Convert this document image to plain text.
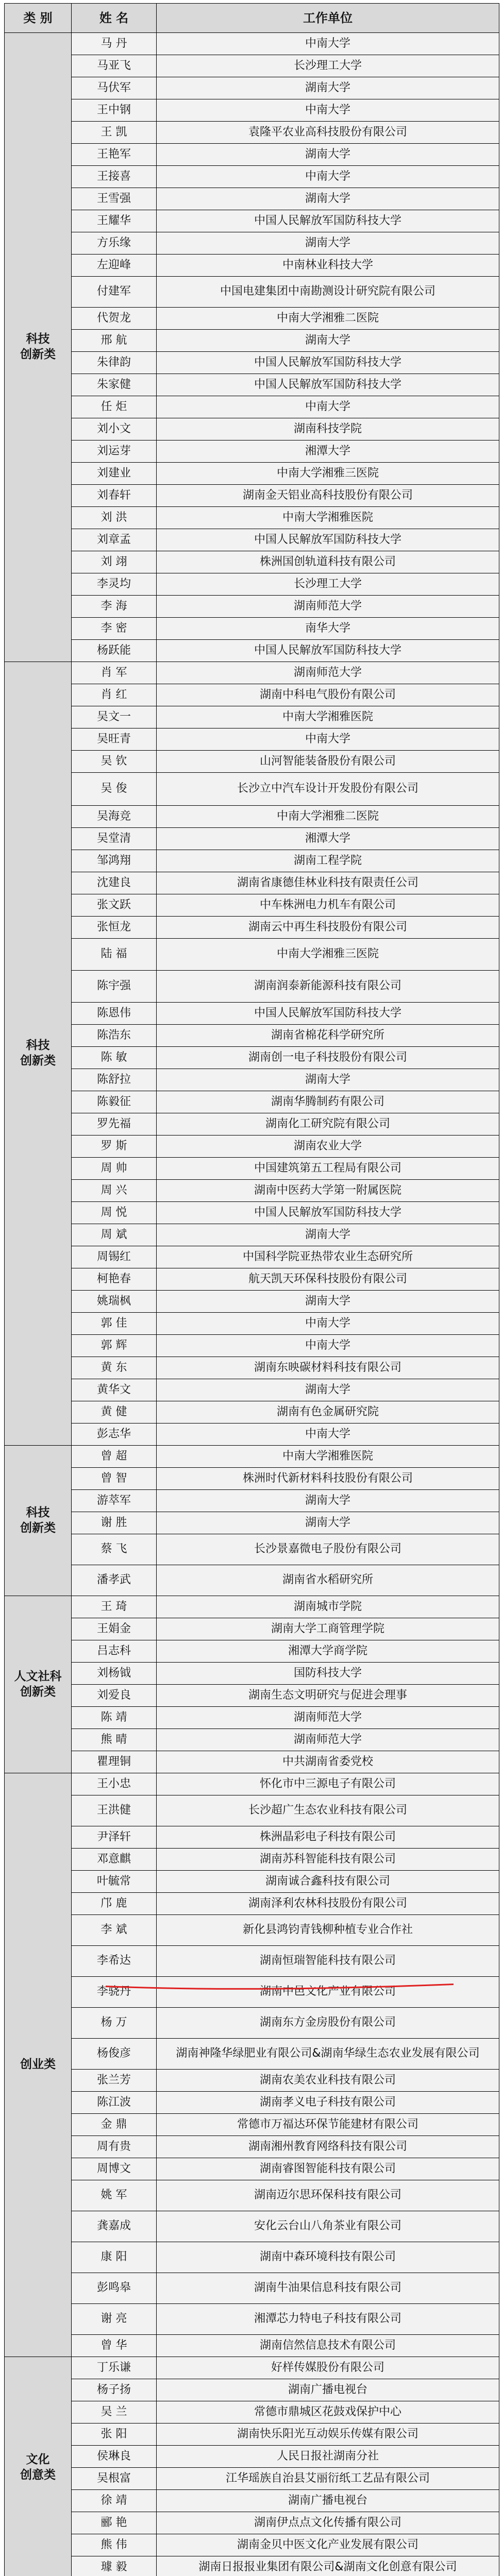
类 别	姓 名	工作单位
科技
创新类	马 丹	中南大学
	马亚飞	长沙理工大学
	马伏军	湖南大学
	王中钢	中南大学
	王 凯	袁隆平农业高科技股份有限公司
	王艳军	湖南大学
	王接喜	中南大学
	王雪强	湖南大学
	王耀华	中国人民解放军国防科技大学
	方乐缘	湖南大学
	左迎峰	中南林业科技大学
	付建军	中国电建集团中南勘测设计研究院有限公司
	代贺龙	中南大学湘雅二医院
	邢 航	湖南大学
	朱律韵	中国人民解放军国防科技大学
	朱家健	中国人民解放军国防科技大学
	任 炬	中南大学
	刘小文	湖南科技学院
	刘运芽	湘潭大学
	刘建业	中南大学湘雅三医院
	刘春轩	湖南金天铝业高科技股份有限公司
	刘 洪	中南大学湘雅医院
	刘章孟	中国人民解放军国防科技大学
	刘 翊	株洲国创轨道科技有限公司
	李灵均	长沙理工大学
	李 海	湖南师范大学
	李 密	南华大学
	杨跃能	中国人民解放军国防科技大学
科技
创新类	肖 军	湖南师范大学
	肖 红	湖南中科电气股份有限公司
	吴文一	中南大学湘雅医院
	吴旺青	中南大学
	吴 钦	山河智能装备股份有限公司
	吴 俊	长沙立中汽车设计开发股份有限公司
	吴海竞	中南大学湘雅二医院
	吴堂清	湘潭大学
	邹鸿翔	湖南工程学院
	沈建良	湖南省康德佳林业科技有限责任公司
	张文跃	中车株洲电力机车有限公司
	张恒龙	湖南云中再生科技股份有限公司
	陆 福	中南大学湘雅三医院
	陈宇强	湖南润泰新能源科技有限公司
	陈恩伟	中国人民解放军国防科技大学
	陈浩东	湖南省棉花科学研究所
	陈 敏	湖南创一电子科技股份有限公司
	陈舒拉	湖南大学
	陈毅征	湖南华腾制药有限公司
	罗先福	湖南化工研究院有限公司
	罗 斯	湖南农业大学
	周 帅	中国建筑第五工程局有限公司
	周 兴	湖南中医药大学第一附属医院
	周 悦	中国人民解放军国防科技大学
	周 斌	湖南大学
	周锡红	中国科学院亚热带农业生态研究所
	柯艳春	航天凯天环保科技股份有限公司
	姚瑞枫	湖南大学
	郭 佳	中南大学
	郭 辉	中南大学
	黄 东	湖南东映碳材料科技有限公司
	黄华文	湖南大学
	黄 健	湖南有色金属研究院
	彭志华	中南大学
科技
创新类	曾 超	中南大学湘雅医院
	曾 智	株洲时代新材料科技股份有限公司
	游萃军	湖南大学
	谢 胜	湖南大学
	蔡 飞	长沙景嘉微电子股份有限公司
	潘孝武	湖南省水稻研究所
人文社科
创新类	王 琦	湖南城市学院
	王娟金	湖南大学工商管理学院
	吕志科	湘潭大学商学院
	刘杨钺	国防科技大学
	刘爱良	湖南生态文明研究与促进会理事
	陈 靖	湖南师范大学
	熊 晴	湖南师范大学
	瞿理铜	中共湖南省委党校
创业类	王小忠	怀化市中三源电子有限公司
	王洪健	长沙超广生态农业科技有限公司
	尹泽轩	株洲晶彩电子科技有限公司
	邓意麒	湖南苏科智能科技有限公司
	叶毓常	湖南诚合鑫科技有限公司
	邝 鹿	湖南泽利农林科技股份有限公司
	李 斌	新化县鸿钧青钱柳种植专业合作社
	李希达	湖南恒瑞智能科技有限公司
	李骁丹	湖南中邑文化产业有限公司
	杨 万	湖南东方金房股份有限公司
	杨俊彦	湖南神隆华绿肥业有限公司&湖南华绿生态农业发展有限公司
	张兰芳	湖南农美农业科技有限公司
	陈江波	湖南孝义电子科技有限公司
	金 鼎	常德市万福达环保节能建材有限公司
	周有贵	湖南湘州教育网络科技有限公司
	周博文	湖南睿图智能科技有限公司
	姚 军	湖南迈尔思环保科技有限公司
	龚嘉成	安化云台山八角茶业有限公司
	康 阳	湖南中森环境科技有限公司
	彭鸣皋	湖南牛油果信息科技有限公司
	谢 亮	湘潭芯力特电子科技有限公司
	曾 华	湖南信然信息技术有限公司
文化
创意类	丁乐谦	好样传媒股份有限公司
	杨子扬	湖南广播电视台
	吴 兰	常德市鼎城区花鼓戏保护中心
	张 阳	湖南快乐阳光互动娱乐传媒有限公司
	侯琳良	人民日报社湖南分社
	吴根富	江华瑶族自治县艾丽衍纸工艺品有限公司
	徐 靖	湖南广播电视台
	郦 艳	湖南伊点点文化传播有限公司
	熊 伟	湖南金贝中医文化产业发展有限公司
	璩 毅	湖南日报报业集团有限公司&湖南文化创意有限公司
